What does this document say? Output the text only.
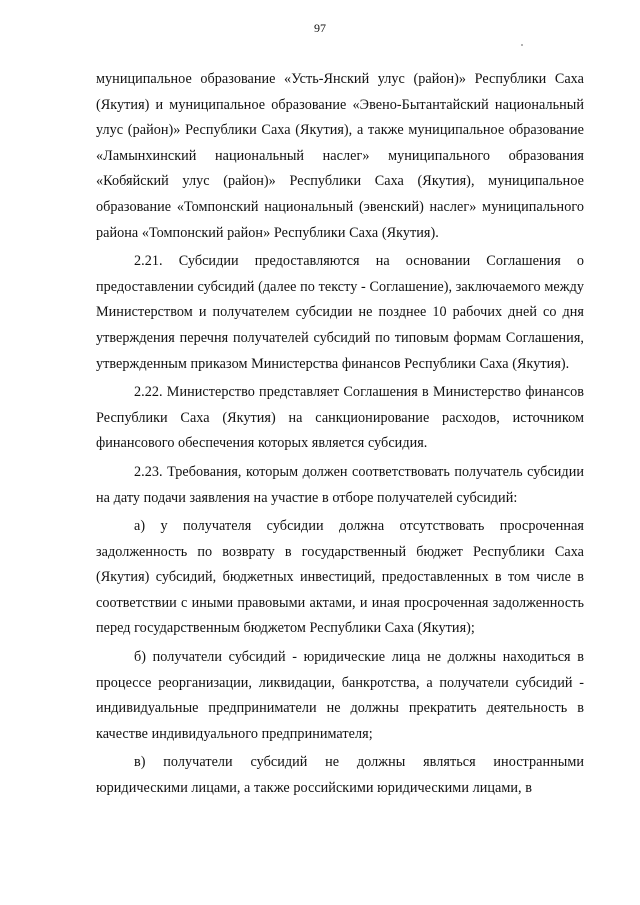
97

муниципальное образование «Усть-Янский улус (район)» Республики Саха (Якутия) и муниципальное образование «Эвено-Бытантайский национальный улус (район)» Республики Саха (Якутия), а также муниципальное образование «Ламынхинский национальный наслег» муниципального образования «Кобяйский улус (район)» Республики Саха (Якутия), муниципальное образование «Томпонский национальный (эвенский) наслег» муниципального района «Томпонский район» Республики Саха (Якутия).

2.21. Субсидии предоставляются на основании Соглашения о предоставлении субсидий (далее по тексту - Соглашение), заключаемого между Министерством и получателем субсидии не позднее 10 рабочих дней со дня утверждения перечня получателей субсидий по типовым формам Соглашения, утвержденным приказом Министерства финансов Республики Саха (Якутия).

2.22. Министерство представляет Соглашения в Министерство финансов Республики Саха (Якутия) на санкционирование расходов, источником финансового обеспечения которых является субсидия.

2.23. Требования, которым должен соответствовать получатель субсидии на дату подачи заявления на участие в отборе получателей субсидий:

а) у получателя субсидии должна отсутствовать просроченная задолженность по возврату в государственный бюджет Республики Саха (Якутия) субсидий, бюджетных инвестиций, предоставленных в том числе в соответствии с иными правовыми актами, и иная просроченная задолженность перед государственным бюджетом Республики Саха (Якутия);

б) получатели субсидий - юридические лица не должны находиться в процессе реорганизации, ликвидации, банкротства, а получатели субсидий - индивидуальные предприниматели не должны прекратить деятельность в качестве индивидуального предпринимателя;

в) получатели субсидий не должны являться иностранными юридическими лицами, а также российскими юридическими лицами, в
